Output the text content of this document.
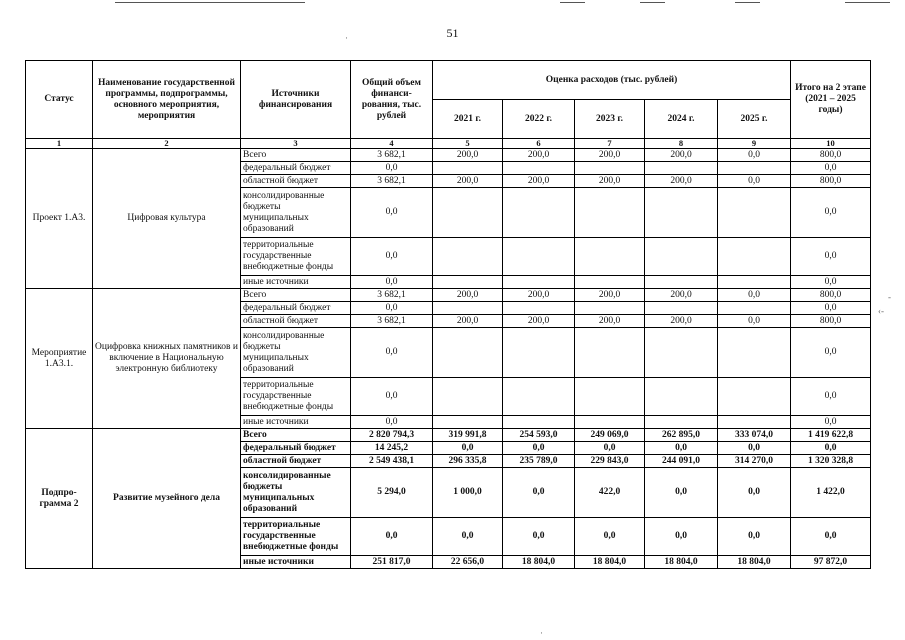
·
-
‹-
·
51
Статус	Наименование государственной программы, подпрограммы, основного мероприятия, мероприятия	Источники финансирования	Общий объем финанси-рования, тыс. рублей	Оценка расходов (тыс. рублей)					Итого на 2 этапе (2021 – 2025 годы)
				2021 г.	2022 г.	2023 г.	2024 г.	2025 г.	
1	2	3	4	5	6	7	8	9	10
Проект 1.А3.	Цифровая культура	Всего	3 682,1	200,0	200,0	200,0	200,0	0,0	800,0
		федеральный бюджет	0,0						0,0
		областной бюджет	3 682,1	200,0	200,0	200,0	200,0	0,0	800,0
		консолидированные бюджеты муниципальных образований	0,0						0,0
		территориальные государственные внебюджетные фонды	0,0						0,0
		иные источники	0,0						0,0
Мероприятие 1.А3.1.	Оцифровка книжных памятников и включение в Национальную электронную библиотеку	Всего	3 682,1	200,0	200,0	200,0	200,0	0,0	800,0
		федеральный бюджет	0,0						0,0
		областной бюджет	3 682,1	200,0	200,0	200,0	200,0	0,0	800,0
		консолидированные бюджеты муниципальных образований	0,0						0,0
		территориальные государственные внебюджетные фонды	0,0						0,0
		иные источники	0,0						0,0
Подпро-грамма 2	Развитие музейного дела	Всего	2 820 794,3	319 991,8	254 593,0	249 069,0	262 895,0	333 074,0	1 419 622,8
		федеральный бюджет	14 245,2	0,0	0,0	0,0	0,0	0,0	0,0
		областной бюджет	2 549 438,1	296 335,8	235 789,0	229 843,0	244 091,0	314 270,0	1 320 328,8
		консолидированные бюджеты муниципальных образований	5 294,0	1 000,0	0,0	422,0	0,0	0,0	1 422,0
		территориальные государственные внебюджетные фонды	0,0	0,0	0,0	0,0	0,0	0,0	0,0
		иные источники	251 817,0	22 656,0	18 804,0	18 804,0	18 804,0	18 804,0	97 872,0
